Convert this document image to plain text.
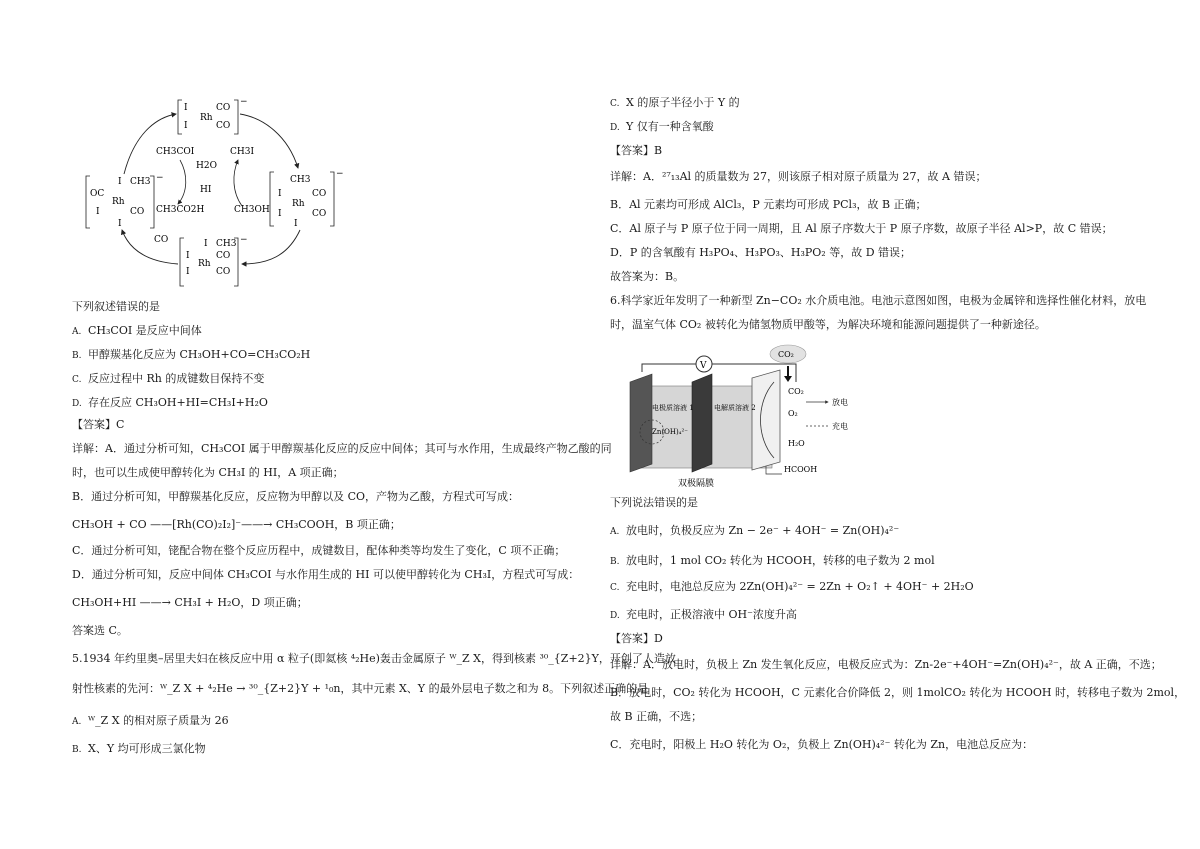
I
I
Rh
CO
CO
−
I CH3
OC
Rh
I	CO
I
−	CH3
I	CO
Rh
I	CO
I
−
I CH3
I	CO
Rh
I	CO
−
CO
CH3COI
H2O
CH3I
HI
CH3CO2H	CH3OH
下列叙述错误的是
A. CH₃COI 是反应中间体
B. 甲醇羰基化反应为 CH₃OH+CO=CH₃CO₂H
C. 反应过程中 Rh 的成键数目保持不变
D. 存在反应 CH₃OH+HI=CH₃I+H₂O
【答案】C
详解：A．通过分析可知，CH₃COI 属于甲醇羰基化反应的反应中间体；其可与水作用，生成最终产物乙酸的同
时，也可以生成使甲醇转化为 CH₃I 的 HI，A 项正确；
B．通过分析可知，甲醇羰基化反应，反应物为甲醇以及 CO，产物为乙酸，方程式可写成：
CH₃OH + CO ——[Rh(CO)₂I₂]⁻——→ CH₃COOH，B 项正确；
C．通过分析可知，铑配合物在整个反应历程中，成键数目，配体种类等均发生了变化，C 项不正确；
D．通过分析可知，反应中间体 CH₃COI 与水作用生成的 HI 可以使甲醇转化为 CH₃I，方程式可写成：
CH₃OH+HI ——→ CH₃I + H₂O，D 项正确；
答案选 C。
5.1934 年约里奥–居里夫妇在核反应中用 α 粒子(即氦核 ⁴₂He)轰击金属原子 ᵂ_Z X，得到核素 ³⁰_{Z+2}Y，开创了人造放
射性核素的先河：ᵂ_Z X + ⁴₂He → ³⁰_{Z+2}Y + ¹₀n，其中元素 X、Y 的最外层电子数之和为 8。下列叙述正确的是
A. ᵂ_Z X 的相对原子质量为 26
B. X、Y 均可形成三氯化物
C. X 的原子半径小于 Y 的
D. Y 仅有一种含氧酸
【答案】B
详解：A．²⁷₁₃Al 的质量数为 27，则该原子相对原子质量为 27，故 A 错误；
B．Al 元素均可形成 AlCl₃，P 元素均可形成 PCl₃，故 B 正确；
C．Al 原子与 P 原子位于同一周期，且 Al 原子序数大于 P 原子序数，故原子半径 Al>P，故 C 错误；
D．P 的含氧酸有 H₃PO₄、H₃PO₃、H₃PO₂ 等，故 D 错误；
故答案为：B。
6.科学家近年发明了一种新型 Zn−CO₂ 水介质电池。电池示意图如图，电极为金属锌和选择性催化材料，放电
时，温室气体 CO₂ 被转化为储氢物质甲酸等，为解决环境和能源问题提供了一种新途径。
V
CO₂
电极质溶液 1	电解质溶液 2
Zn(OH)₄²⁻
CO₂
O₂
H₂O
HCOOH
放电
充电
双极隔膜
下列说法错误的是
A. 放电时，负极反应为 Zn − 2e⁻ + 4OH⁻ = Zn(OH)₄²⁻
B. 放电时，1 mol CO₂ 转化为 HCOOH，转移的电子数为 2 mol
C. 充电时，电池总反应为 2Zn(OH)₄²⁻ = 2Zn + O₂↑ + 4OH⁻ + 2H₂O
D. 充电时，正极溶液中 OH⁻浓度升高
【答案】D
详解：A．放电时，负极上 Zn 发生氧化反应，电极反应式为：Zn-2e⁻+4OH⁻=Zn(OH)₄²⁻，故 A 正确，不选；
B．放电时，CO₂ 转化为 HCOOH，C 元素化合价降低 2，则 1molCO₂ 转化为 HCOOH 时，转移电子数为 2mol，
故 B 正确，不选；
C．充电时，阳极上 H₂O 转化为 O₂，负极上 Zn(OH)₄²⁻ 转化为 Zn，电池总反应为：
